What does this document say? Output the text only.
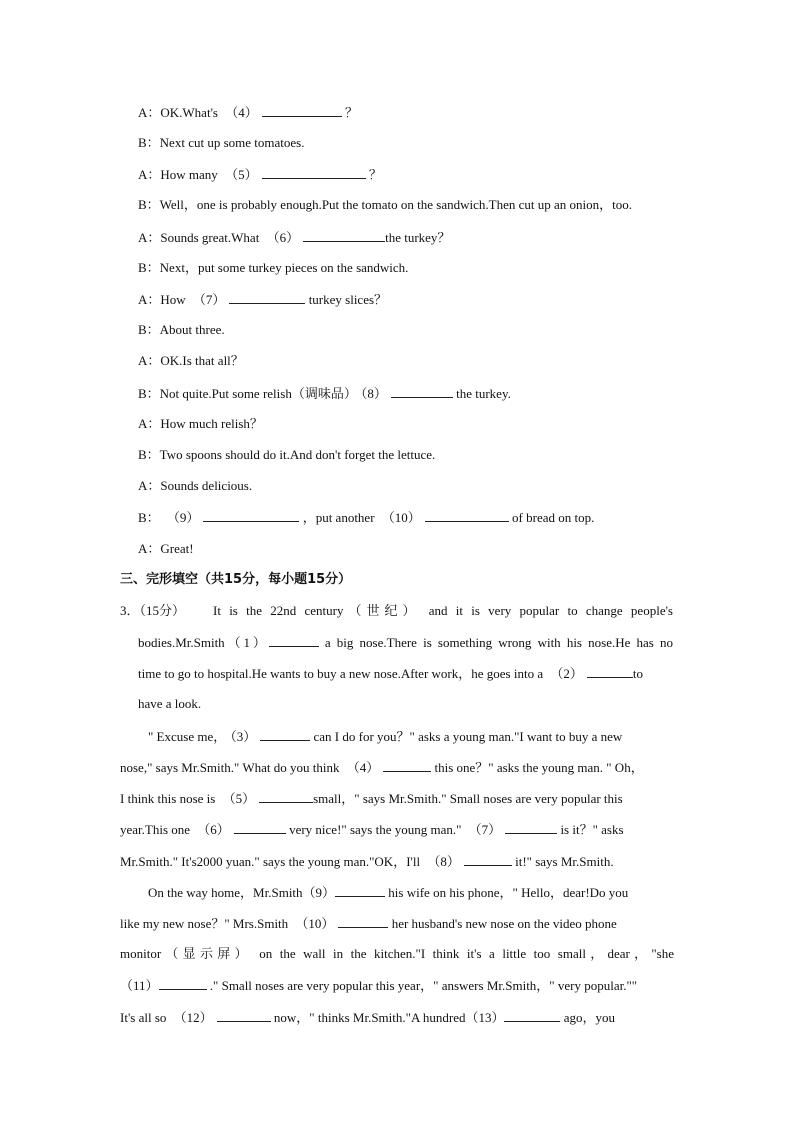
A：OK.What's （4）	？
B：Next cut up some tomatoes.
A：How many （5）	？
B：Well，one is probably enough.Put the tomato on the sandwich.Then cut up an onion，too.
A：Sounds great.What （6）	the turkey？
B：Next，put some turkey pieces on the sandwich.
A：How （7）	turkey slices？
B：About three.
A：OK.Is that all？
B：Not quite.Put some relish（调味品） （8）	the turkey.
A：How much relish？
B：Two spoons should do it.And don't forget the lettuce.
A：Sounds delicious.
B： （9）	，put another （10）	of bread on top.
A：Great!
三、完形填空（共15分，每小题15分）
3．（15分） It is the 22nd century（世纪） and it is very popular to change people's
bodies.Mr.Smith（1）	a big nose.There is something wrong with his nose.He has no
time to go to hospital.He wants to buy a new nose.After work，he goes into a （2）	to
have a look.
" Excuse me， （3）	can I do for you？" asks a young man."I want to buy a new
nose," says Mr.Smith." What do you think （4）	this one？" asks the young man. " Oh，
I think this nose is （5）	small，" says Mr.Smith." Small noses are very popular this
year.This one （6）	very nice!" says the young man." （7）	is it？" asks
Mr.Smith." It's2000 yuan." says the young man."OK，I'll （8）	it!" says Mr.Smith.
On the way home，Mr.Smith（9）	his wife on his phone，" Hello，dear!Do you
like my new nose？" Mrs.Smith （10）	her husband's new nose on the video phone
monitor（显示屏） on the wall in the kitchen."I think it's a little too small，dear，"she
（11）	." Small noses are very popular this year，" answers Mr.Smith，" very popular.""
It's all so （12）	now，" thinks Mr.Smith."A hundred（13）	ago，you
